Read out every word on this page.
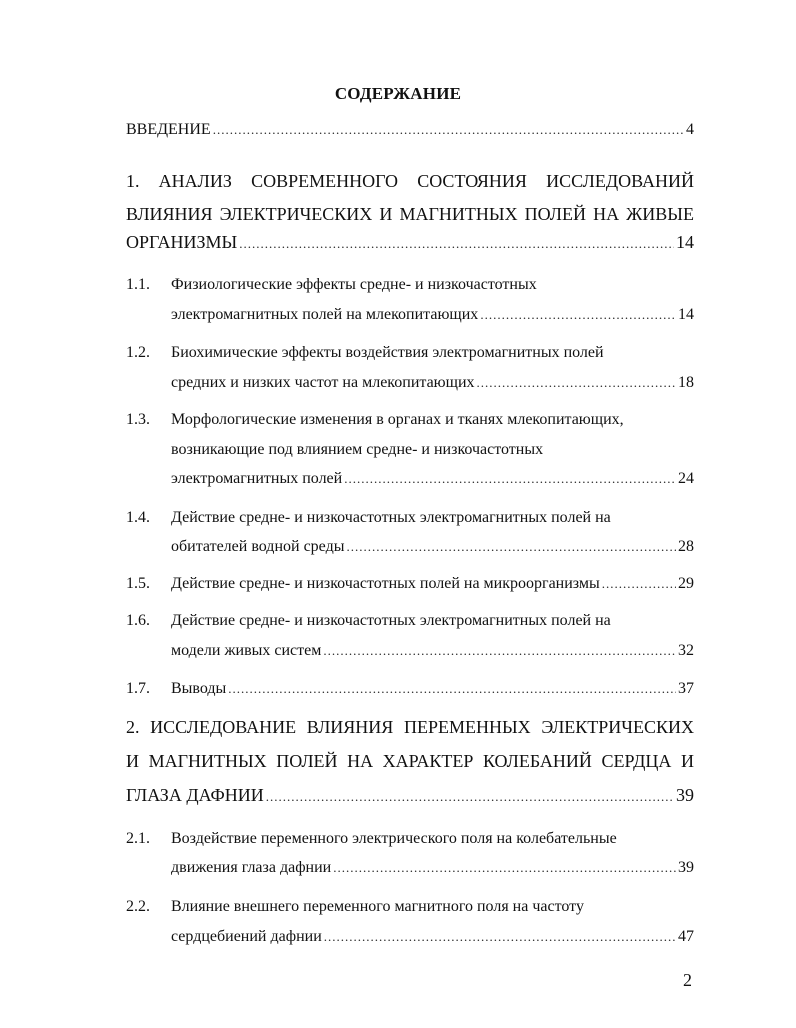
СОДЕРЖАНИЕ
ВВЕДЕНИЕ .....	4
1. АНАЛИЗ СОВРЕМЕННОГО СОСТОЯНИЯ ИССЛЕДОВАНИЙ
ВЛИЯНИЯ ЭЛЕКТРИЧЕСКИХ И МАГНИТНЫХ ПОЛЕЙ НА ЖИВЫЕ
ОРГАНИЗМЫ .....	14
1.1.	Физиологические эффекты средне- и низкочастотных
электромагнитных полей на млекопитающих .....	14
1.2.	Биохимические эффекты воздействия электромагнитных полей
средних и низких частот на млекопитающих .....	18
1.3.	Морфологические изменения в органах и тканях млекопитающих,
возникающие под влиянием средне- и низкочастотных
электромагнитных полей .....	24
1.4.	Действие средне- и низкочастотных электромагнитных полей на
обитателей водной среды .....	28
1.5.	Действие средне- и низкочастотных полей на микроорганизмы .....	29
1.6.	Действие средне- и низкочастотных электромагнитных полей на
модели живых систем .....	32
1.7.	Выводы .....	37
2. ИССЛЕДОВАНИЕ ВЛИЯНИЯ ПЕРЕМЕННЫХ ЭЛЕКТРИЧЕСКИХ
И МАГНИТНЫХ ПОЛЕЙ НА ХАРАКТЕР КОЛЕБАНИЙ СЕРДЦА И
ГЛАЗА ДАФНИИ .....	39
2.1.	Воздействие переменного электрического поля на колебательные
движения глаза дафнии .....	39
2.2.	Влияние внешнего переменного магнитного поля на частоту
сердцебиений дафнии .....	47
2
